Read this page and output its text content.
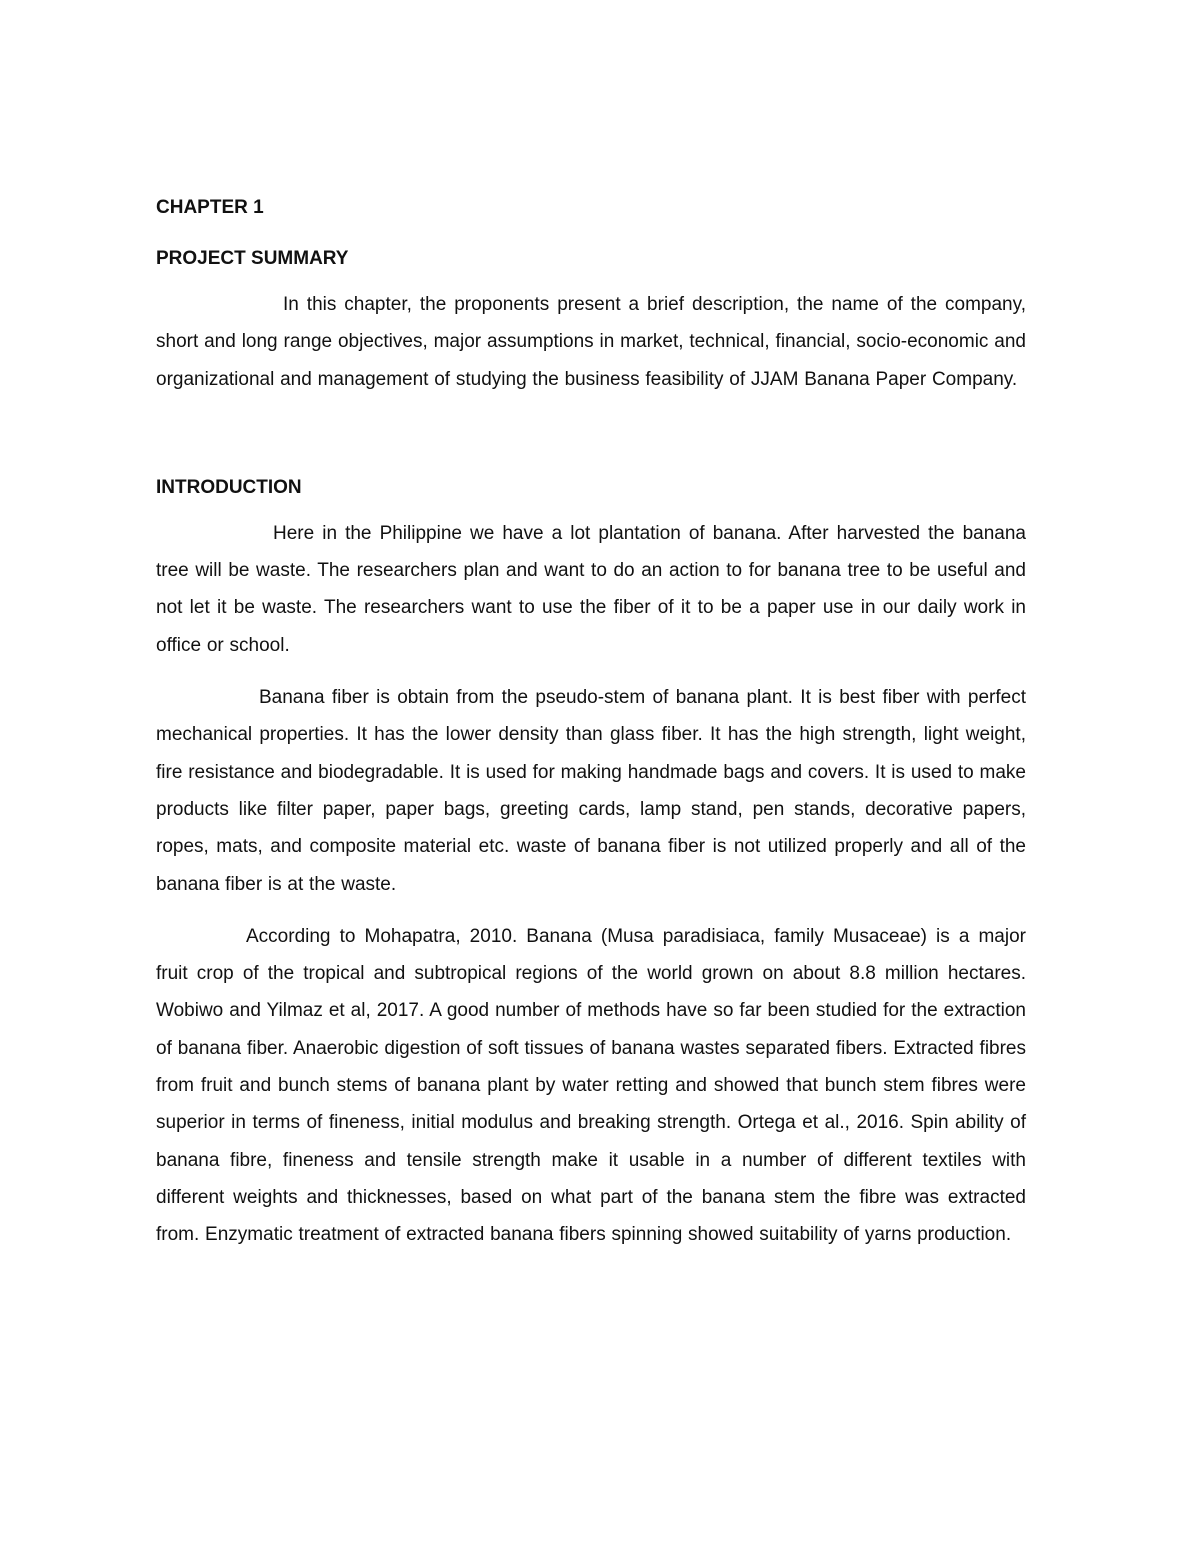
CHAPTER 1
PROJECT SUMMARY

In this chapter, the proponents present a brief description, the name of the company, short and long range objectives, major assumptions in market, technical, financial, socio-economic and organizational and management of studying the business feasibility of JJAM Banana Paper Company.

INTRODUCTION

Here in the Philippine we have a lot plantation of banana. After harvested the banana tree will be waste. The researchers plan and want to do an action to for banana tree to be useful and not let it be waste. The researchers want to use the fiber of it to be a paper use in our daily work in office or school.

Banana fiber is obtain from the pseudo-stem of banana plant. It is best fiber with perfect mechanical properties. It has the lower density than glass fiber. It has the high strength, light weight, fire resistance and biodegradable. It is used for making handmade bags and covers. It is used to make products like filter paper, paper bags, greeting cards, lamp stand, pen stands, decorative papers, ropes, mats, and composite material etc. waste of banana fiber is not utilized properly and all of the banana fiber is at the waste.

According to Mohapatra, 2010. Banana (Musa paradisiaca, family Musaceae) is a major fruit crop of the tropical and subtropical regions of the world grown on about 8.8 million hectares. Wobiwo and Yilmaz et al, 2017. A good number of methods have so far been studied for the extraction of banana fiber. Anaerobic digestion of soft tissues of banana wastes separated fibers. Extracted fibres from fruit and bunch stems of banana plant by water retting and showed that bunch stem fibres were superior in terms of fineness, initial modulus and breaking strength. Ortega et al., 2016. Spin ability of banana fibre, fineness and tensile strength make it usable in a number of different textiles with different weights and thicknesses, based on what part of the banana stem the fibre was extracted from. Enzymatic treatment of extracted banana fibers spinning showed suitability of yarns production.
